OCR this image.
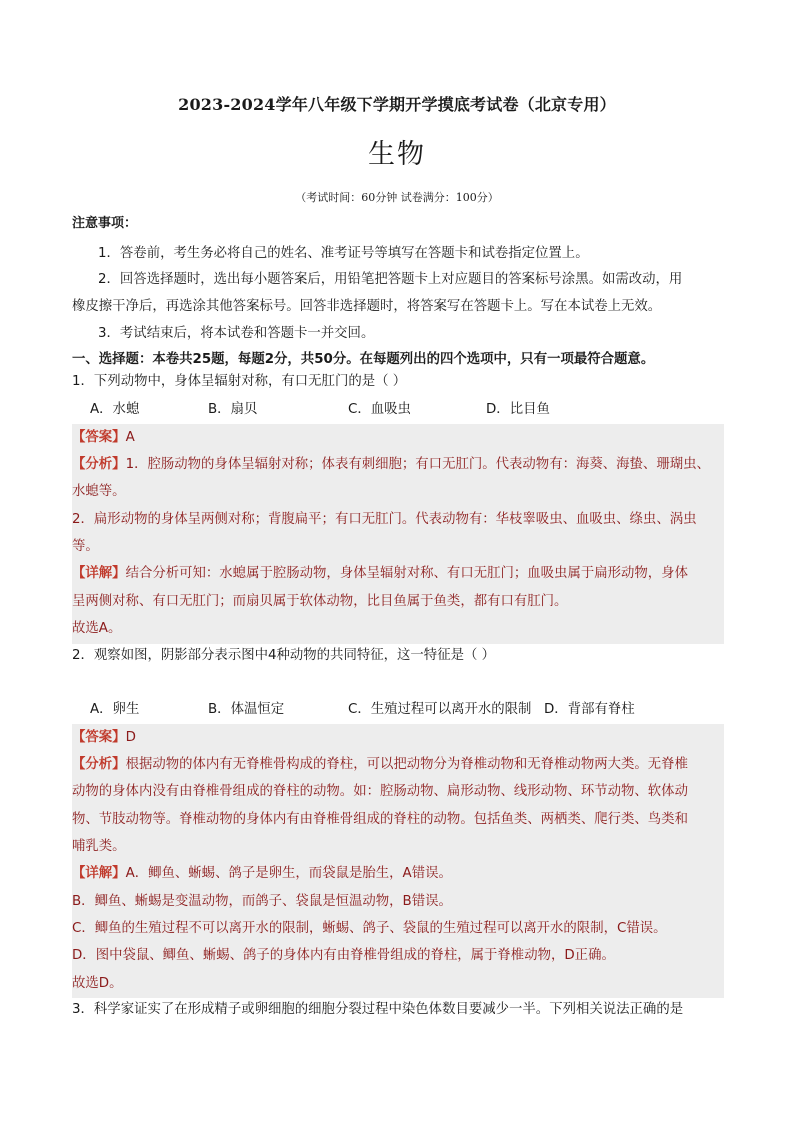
2023-2024学年八年级下学期开学摸底考试卷（北京专用）
生物
（考试时间：60分钟 试卷满分：100分）
注意事项：
1．答卷前，考生务必将自己的姓名、准考证号等填写在答题卡和试卷指定位置上。
2．回答选择题时，选出每小题答案后，用铅笔把答题卡上对应题目的答案标号涂黑。如需改动，用
橡皮擦干净后，再选涂其他答案标号。回答非选择题时，将答案写在答题卡上。写在本试卷上无效。
3．考试结束后，将本试卷和答题卡一并交回。
一、选择题：本卷共25题，每题2分，共50分。在每题列出的四个选项中，只有一项最符合题意。
1．下列动物中，身体呈辐射对称，有口无肛门的是（ ）
A．水螅	B．扇贝	C．血吸虫	D．比目鱼
【答案】A
【分析】1．腔肠动物的身体呈辐射对称；体表有刺细胞；有口无肛门。代表动物有：海葵、海蛰、珊瑚虫、
水螅等。
2．扁形动物的身体呈两侧对称；背腹扁平；有口无肛门。代表动物有：华枝睾吸虫、血吸虫、绦虫、涡虫
等。
【详解】结合分析可知：水螅属于腔肠动物，身体呈辐射对称、有口无肛门；血吸虫属于扁形动物，身体
呈两侧对称、有口无肛门；而扇贝属于软体动物，比目鱼属于鱼类，都有口有肛门。
故选A。
2．观察如图，阴影部分表示图中4种动物的共同特征，这一特征是（ ）
A．卵生	B．体温恒定	C．生殖过程可以离开水的限制 D．背部有脊柱
【答案】D
【分析】根据动物的体内有无脊椎骨构成的脊柱，可以把动物分为脊椎动物和无脊椎动物两大类。无脊椎
动物的身体内没有由脊椎骨组成的脊柱的动物。如：腔肠动物、扁形动物、线形动物、环节动物、软体动
物、节肢动物等。脊椎动物的身体内有由脊椎骨组成的脊柱的动物。包括鱼类、两栖类、爬行类、鸟类和
哺乳类。
【详解】A．鲫鱼、蜥蜴、鸽子是卵生，而袋鼠是胎生，A错误。
B．鲫鱼、蜥蜴是变温动物，而鸽子、袋鼠是恒温动物，B错误。
C．鲫鱼的生殖过程不可以离开水的限制，蜥蜴、鸽子、袋鼠的生殖过程可以离开水的限制，C错误。
D．图中袋鼠、鲫鱼、蜥蜴、鸽子的身体内有由脊椎骨组成的脊柱，属于脊椎动物，D正确。
故选D。
3．科学家证实了在形成精子或卵细胞的细胞分裂过程中染色体数目要减少一半。下列相关说法正确的是
